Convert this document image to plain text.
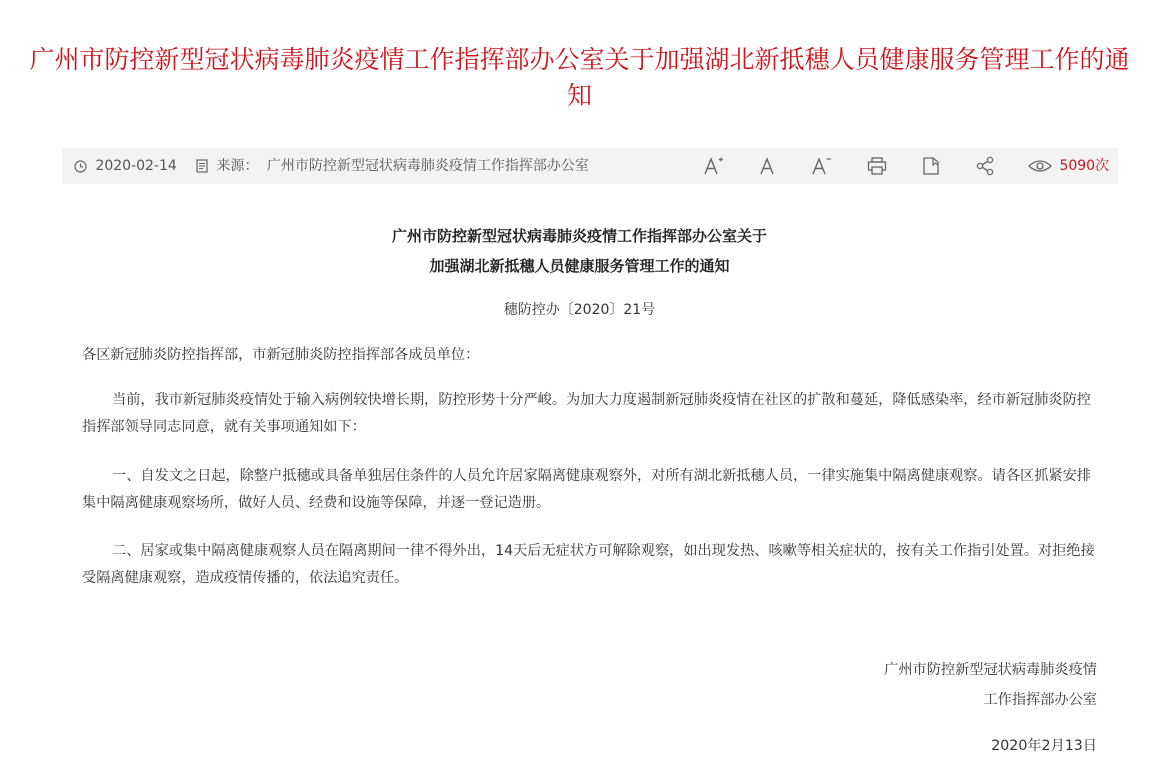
广州市防控新型冠状病毒肺炎疫情工作指挥部办公室关于加强湖北新抵穗人员健康服务管理工作的通知
2020-02-14	来源： 广州市防控新型冠状病毒肺炎疫情工作指挥部办公室	5090次
广州市防控新型冠状病毒肺炎疫情工作指挥部办公室关于
加强湖北新抵穗人员健康服务管理工作的通知
穗防控办〔2020〕21号

各区新冠肺炎防控指挥部，市新冠肺炎防控指挥部各成员单位：

当前，我市新冠肺炎疫情处于输入病例较快增长期，防控形势十分严峻。为加大力度遏制新冠肺炎疫情在社区的扩散和蔓延，降低感染率，经市新冠肺炎防控指挥部领导同志同意，就有关事项通知如下：

一、自发文之日起，除整户抵穗或具备单独居住条件的人员允许居家隔离健康观察外，对所有湖北新抵穗人员，一律实施集中隔离健康观察。请各区抓紧安排集中隔离健康观察场所，做好人员、经费和设施等保障，并逐一登记造册。

二、居家或集中隔离健康观察人员在隔离期间一律不得外出，14天后无症状方可解除观察，如出现发热、咳嗽等相关症状的，按有关工作指引处置。对拒绝接受隔离健康观察，造成疫情传播的，依法追究责任。

广州市防控新型冠状病毒肺炎疫情
工作指挥部办公室
2020年2月13日
